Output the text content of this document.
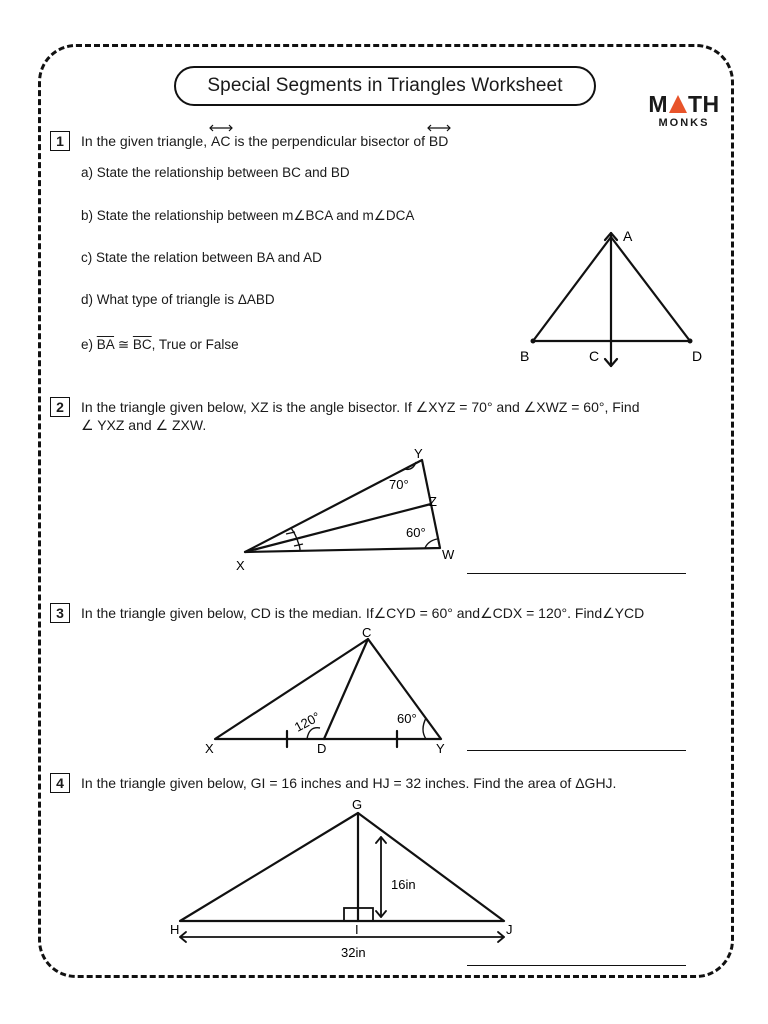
Special Segments in Triangles Worksheet
M TH
MONKS
1 In the given triangle, AC is the perpendicular bisector of BD
a) State the relationship between BC and BD
b) State the relationship between m∠BCA and m∠DCA
c) State the relation between BA and AD
d) What type of triangle is ΔABD
e) $\overline{BA}$ ≅ $\overline{BC}$, True or False
A
B	C	D
2 In the triangle given below, XZ is the angle bisector. If ∠XYZ = 70° and ∠XWZ = 60°, Find
∠ YXZ and ∠ ZXW.
X
Y
Z
W
70°
60°
3 In the triangle given below, CD is the median. If∠CYD = 60° and∠CDX = 120°. Find∠YCD
C
X	D	Y
120°	60°
4 In the triangle given below, GI = 16 inches and HJ = 32 inches. Find the area of ΔGHJ.
G
H	I	J
16in
32in
